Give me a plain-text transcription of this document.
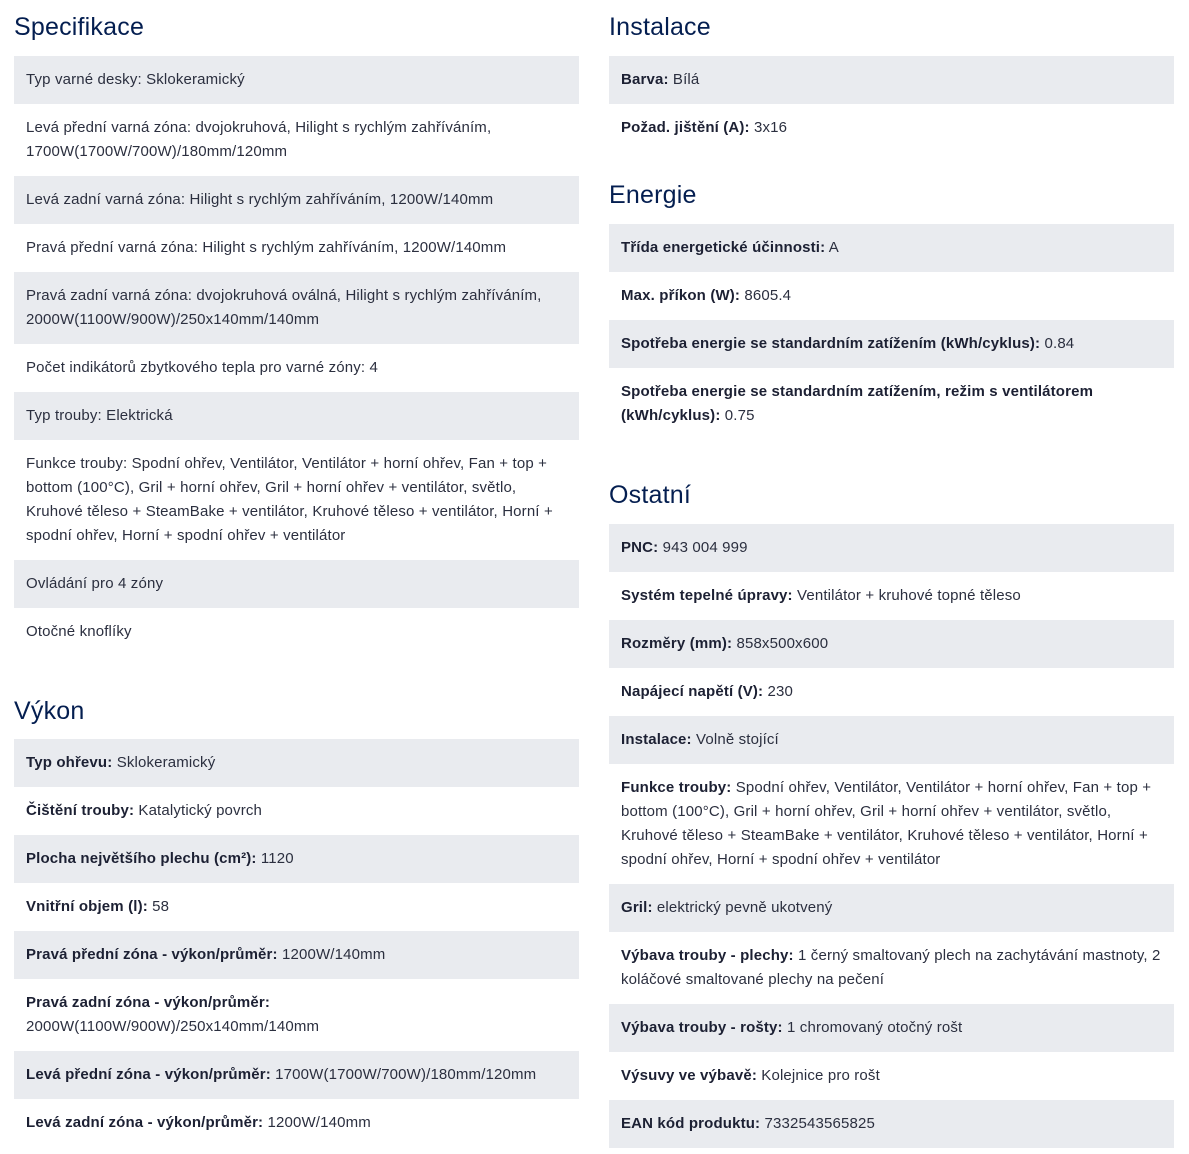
Specifikace
Typ varné desky: Sklokeramický
Levá přední varná zóna: dvojokruhová, Hilight s rychlým zahříváním, 1700W(1700W/700W)/180mm/120mm
Levá zadní varná zóna: Hilight s rychlým zahříváním, 1200W/140mm
Pravá přední varná zóna: Hilight s rychlým zahříváním, 1200W/140mm
Pravá zadní varná zóna: dvojokruhová oválná, Hilight s rychlým zahříváním, 2000W(1100W/900W)/250x140mm/140mm
Počet indikátorů zbytkového tepla pro varné zóny: 4
Typ trouby: Elektrická
Funkce trouby: Spodní ohřev, Ventilátor, Ventilátor + horní ohřev, Fan + top + bottom (100°C), Gril + horní ohřev, Gril + horní ohřev + ventilátor, světlo, Kruhové těleso + SteamBake + ventilátor, Kruhové těleso + ventilátor, Horní + spodní ohřev, Horní + spodní ohřev + ventilátor
Ovládání pro 4 zóny
Otočné knoflíky
Výkon
Typ ohřevu: Sklokeramický
Čištění trouby: Katalytický povrch
Plocha největšího plechu (cm²): 1120
Vnitřní objem (l): 58
Pravá přední zóna - výkon/průměr: 1200W/140mm
Pravá zadní zóna - výkon/průměr: 2000W(1100W/900W)/250x140mm/140mm
Levá přední zóna - výkon/průměr: 1700W(1700W/700W)/180mm/120mm
Levá zadní zóna - výkon/průměr: 1200W/140mm
Instalace
Barva: Bílá
Požad. jištění (A): 3x16
Energie
Třída energetické účinnosti: A
Max. příkon (W): 8605.4
Spotřeba energie se standardním zatížením (kWh/cyklus): 0.84
Spotřeba energie se standardním zatížením, režim s ventilátorem (kWh/cyklus): 0.75
Ostatní
PNC: 943 004 999
Systém tepelné úpravy: Ventilátor + kruhové topné těleso
Rozměry (mm): 858x500x600
Napájecí napětí (V): 230
Instalace: Volně stojící
Funkce trouby: Spodní ohřev, Ventilátor, Ventilátor + horní ohřev, Fan + top + bottom (100°C), Gril + horní ohřev, Gril + horní ohřev + ventilátor, světlo, Kruhové těleso + SteamBake + ventilátor, Kruhové těleso + ventilátor, Horní + spodní ohřev, Horní + spodní ohřev + ventilátor
Gril: elektrický pevně ukotvený
Výbava trouby - plechy: 1 černý smaltovaný plech na zachytávání mastnoty, 2 koláčové smaltované plechy na pečení
Výbava trouby - rošty: 1 chromovaný otočný rošt
Výsuvy ve výbavě: Kolejnice pro rošt
EAN kód produktu: 7332543565825
